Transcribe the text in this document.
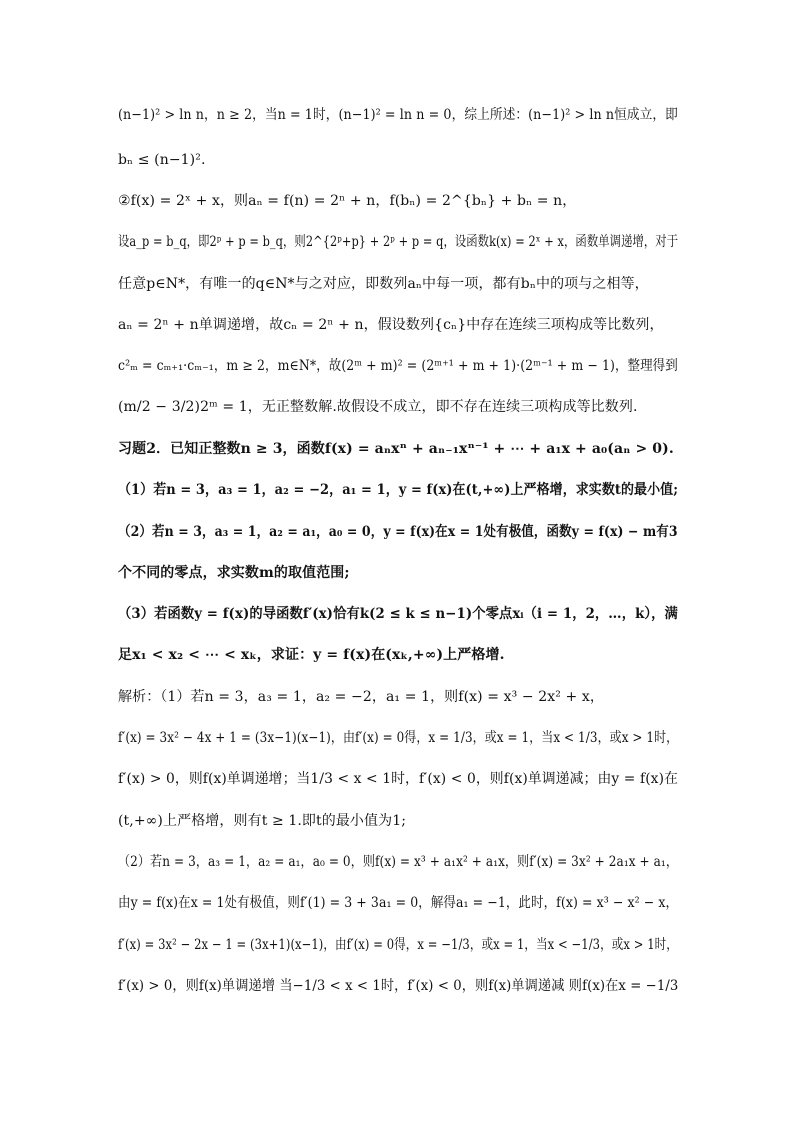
(n−1)² > ln n，n ≥ 2，当n = 1时，(n−1)² = ln n = 0，综上所述：(n−1)² > ln n恒成立，即
bₙ ≤ (n−1)².
②f(x) = 2ˣ + x，则aₙ = f(n) = 2ⁿ + n，f(bₙ) = 2^{bₙ} + bₙ = n，
设a_p = b_q，即2ᵖ + p = b_q，则2^{2ᵖ+p} + 2ᵖ + p = q，设函数k(x) = 2ˣ + x，函数单调递增，对于
任意p∈N*，有唯一的q∈N*与之对应，即数列aₙ中每一项，都有bₙ中的项与之相等，
aₙ = 2ⁿ + n单调递增，故cₙ = 2ⁿ + n，假设数列{cₙ}中存在连续三项构成等比数列，
c²ₘ = cₘ₊₁·cₘ₋₁，m ≥ 2，m∈N*，故(2ᵐ + m)² = (2ᵐ⁺¹ + m + 1)·(2ᵐ⁻¹ + m − 1)，整理得到
(m/2 − 3/2)2ᵐ = 1，无正整数解.故假设不成立，即不存在连续三项构成等比数列.
习题2．已知正整数n ≥ 3，函数f(x) = aₙxⁿ + aₙ₋₁xⁿ⁻¹ + ⋯ + a₁x + a₀(aₙ > 0).
（1）若n = 3，a₃ = 1，a₂ = −2，a₁ = 1，y = f(x)在(t,+∞)上严格增，求实数t的最小值;
（2）若n = 3，a₃ = 1，a₂ = a₁，a₀ = 0，y = f(x)在x = 1处有极值，函数y = f(x) − m有3
个不同的零点，求实数m的取值范围;
（3）若函数y = f(x)的导函数f′(x)恰有k(2 ≤ k ≤ n−1)个零点xᵢ（i = 1，2，…，k），满
足x₁ < x₂ < ⋯ < xₖ，求证：y = f(x)在(xₖ,+∞)上严格增.
解析：（1）若n = 3，a₃ = 1，a₂ = −2，a₁ = 1，则f(x) = x³ − 2x² + x，
f′(x) = 3x² − 4x + 1 = (3x−1)(x−1)，由f′(x) = 0得，x = 1/3，或x = 1，当x < 1/3，或x > 1时，
f′(x) > 0，则f(x)单调递增；当1/3 < x < 1时，f′(x) < 0，则f(x)单调递减；由y = f(x)在
(t,+∞)上严格增，则有t ≥ 1.即t的最小值为1;
（2）若n = 3，a₃ = 1，a₂ = a₁，a₀ = 0，则f(x) = x³ + a₁x² + a₁x，则f′(x) = 3x² + 2a₁x + a₁，
由y = f(x)在x = 1处有极值，则f′(1) = 3 + 3a₁ = 0，解得a₁ = −1，此时，f(x) = x³ − x² − x，
f′(x) = 3x² − 2x − 1 = (3x+1)(x−1)，由f′(x) = 0得，x = −1/3，或x = 1，当x < −1/3，或x > 1时，
f′(x) > 0，则f(x)单调递增 当−1/3 < x < 1时，f′(x) < 0，则f(x)单调递减 则f(x)在x = −1/3
